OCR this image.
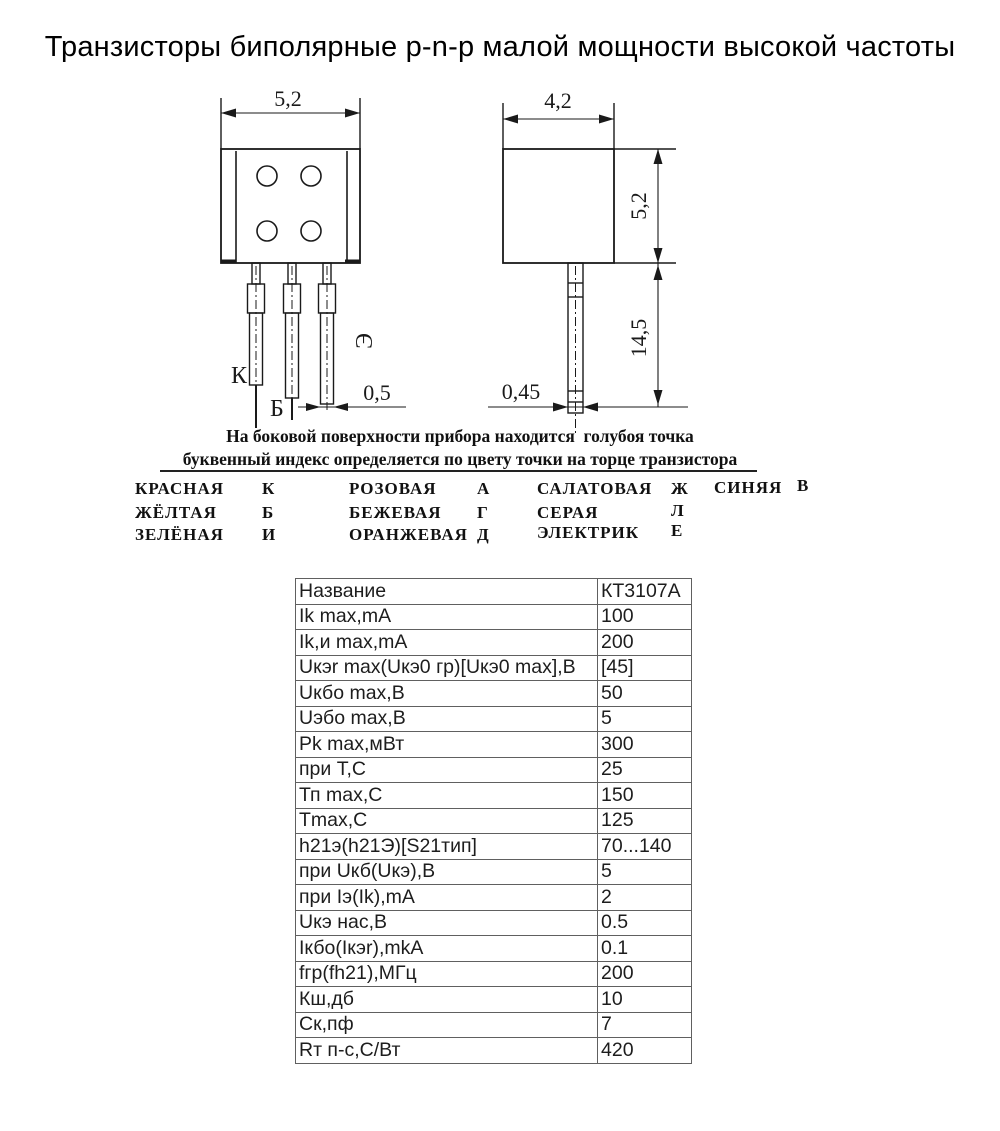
Транзисторы биполярные p-n-p малой мощности высокой частоты
5,2
К
Б
Э
0,5
4,2
5,2
14,5
0,45
На боковой поверхности прибора находится  голубоя точка
буквенный индекс определяется по цвету точки на торце транзистора
КРАСНАЯ К	РОЗОВАЯ А	САЛАТОВАЯ Ж СИНЯЯ В
ЖЁЛТАЯ	Б	БЕЖЕВАЯ Г	СЕРАЯ	Л
ЗЕЛЁНАЯ И	ОРАНЖЕВАЯ Д	ЭЛЕКТРИК Е
Название	КТ3107А
Ik max,mA	100
Ik,и max,mA	200
Uкэr max(Uкэ0 гр)[Uкэ0 max],В	[45]
Uкбо max,В	50
Uэбо max,В	5
Pk max,мВт	300
при Т,С	25
Тп max,C	150
Tmax,C	125
h21э(h21Э)[S21тип]	70...140
при Uкб(Uкэ),В	5
при Iэ(Ik),mA	2
Uкэ нас,В	0.5
Iкбо(Iкэr),mkA	0.1
fгр(fh21),МГц	200
Кш,дб	10
Ск,пф	7
Rт п-с,С/Вт	420
